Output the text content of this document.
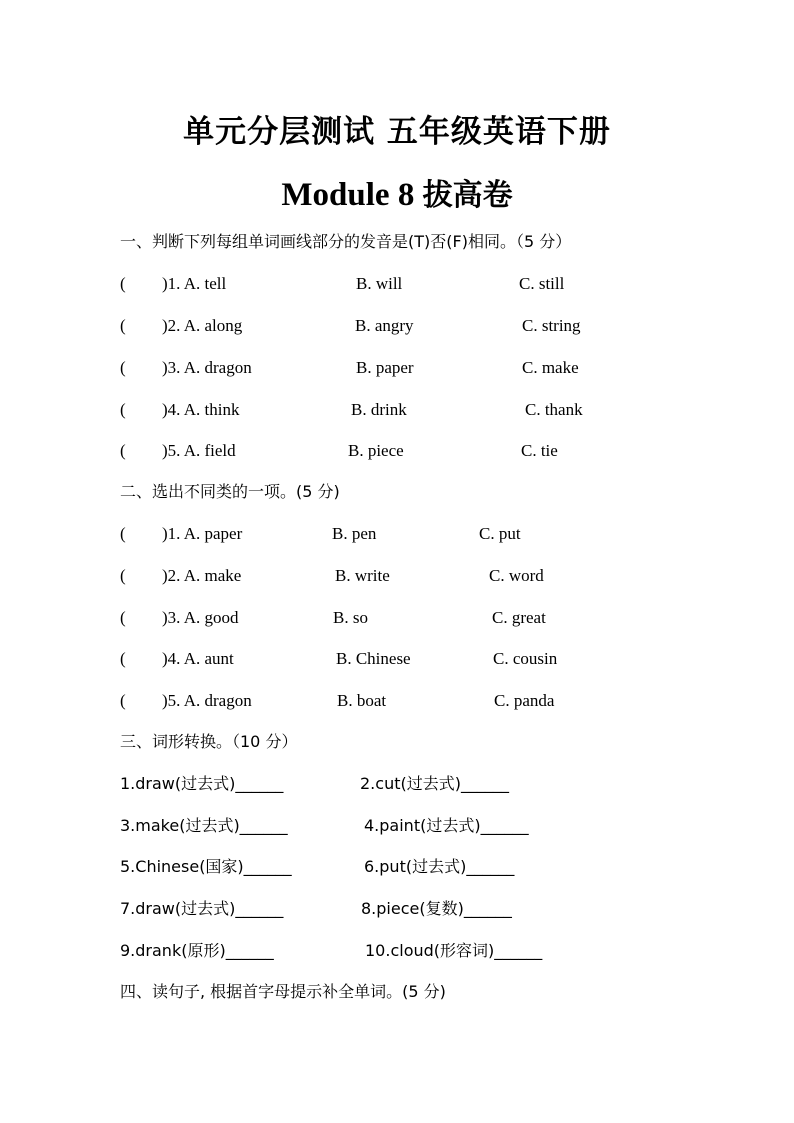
单元分层测试 五年级英语下册
Module 8 拔高卷
一、判断下列每组单词画线部分的发音是(T)否(F)相同。（5 分）
( )1. A. tell	B. will	C. still
( )2. A. along	B. angry	C. string
( )3. A. dragon	B. paper	C. make
( )4. A. think	B. drink	C. thank
( )5. A. field	B. piece	C. tie
二、选出不同类的一项。(5 分)
( )1. A. paper	B. pen	C. put
( )2. A. make	B. write	C. word
( )3. A. good	B. so	C. great
( )4. A. aunt	B. Chinese	C. cousin
( )5. A. dragon	B. boat	C. panda
三、词形转换。（10 分）
1.draw(过去式)______	2.cut(过去式)______
3.make(过去式)______	4.paint(过去式)______
5.Chinese(国家)______	6.put(过去式)______
7.draw(过去式)______	8.piece(复数)______
9.drank(原形)______	10.cloud(形容词)______
四、读句子, 根据首字母提示补全单词。(5 分)
